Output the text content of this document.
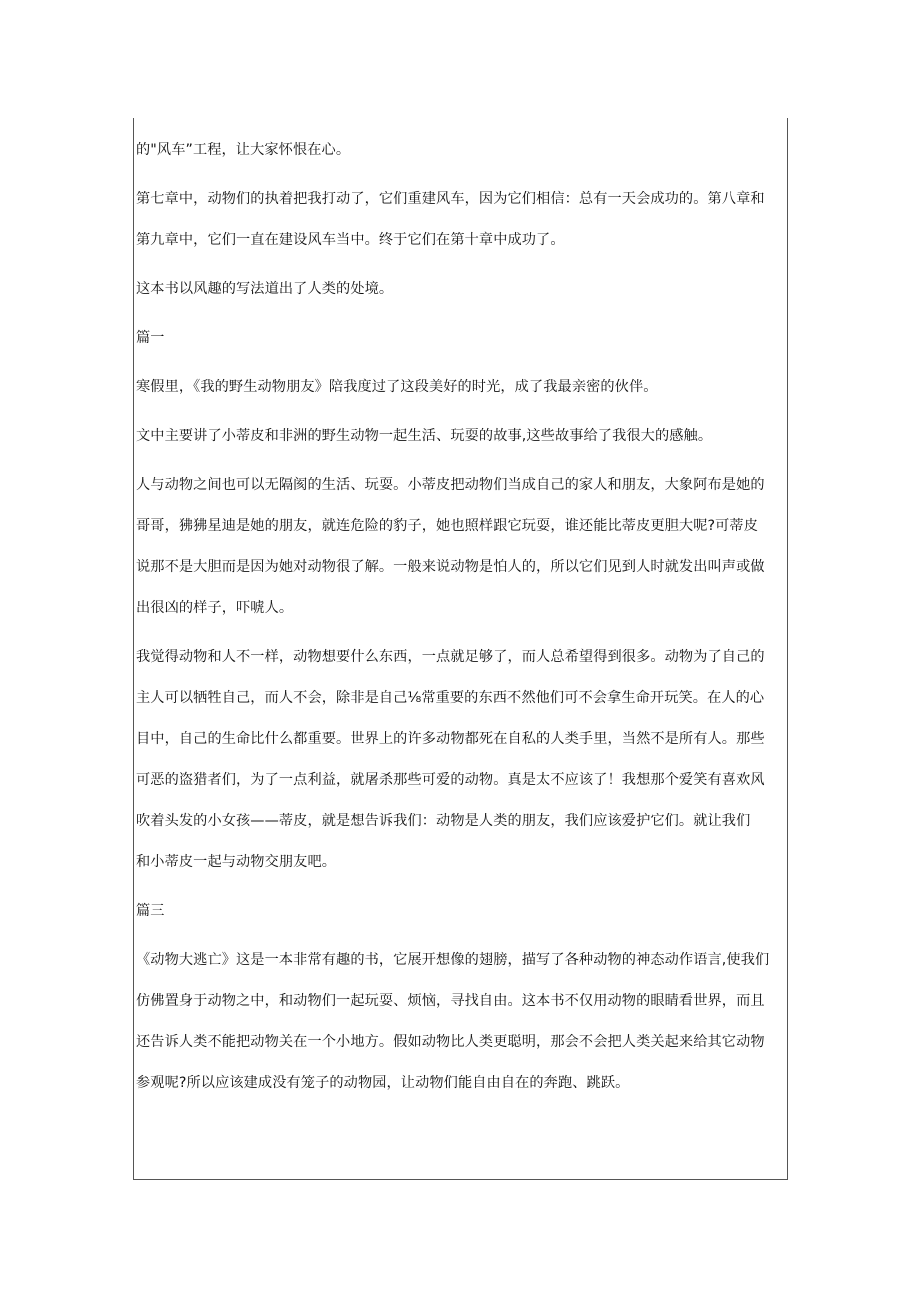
的"风车”工程，让大家怀恨在心。

第七章中，动物们的执着把我打动了，它们重建风车，因为它们相信：总有一天会成功的。第八章和

第九章中，它们一直在建设风车当中。终于它们在第十章中成功了。

这本书以风趣的写法道出了人类的处境。

篇一

寒假里，《我的野生动物朋友》陪我度过了这段美好的时光，成了我最亲密的伙伴。

文中主要讲了小蒂皮和非洲的野生动物一起生活、玩耍的故事,这些故事给了我很大的感触。

人与动物之间也可以无隔阂的生活、玩耍。小蒂皮把动物们当成自己的家人和朋友，大象阿布是她的

哥哥，狒狒星迪是她的朋友，就连危险的豹子，她也照样跟它玩耍，谁还能比蒂皮更胆大呢?可蒂皮

说那不是大胆而是因为她对动物很了解。一般来说动物是怕人的，所以它们见到人时就发出叫声或做

出很凶的样子，吓唬人。

我觉得动物和人不一样，动物想要什么东西，一点就足够了，而人总希望得到很多。动物为了自己的

主人可以牺牲自己，而人不会，除非是自己⅛常重要的东西不然他们可不会拿生命开玩笑。在人的心

目中，自己的生命比什么都重要。世界上的许多动物都死在自私的人类手里，当然不是所有人。那些

可恶的盗猎者们，为了一点利益，就屠杀那些可爱的动物。真是太不应该了！我想那个爱笑有喜欢风

吹着头发的小女孩——蒂皮，就是想告诉我们：动物是人类的朋友，我们应该爱护它们。就让我们

和小蒂皮一起与动物交朋友吧。

篇三

《动物大逃亡》这是一本非常有趣的书，它展开想像的翅膀，描写了各种动物的神态动作语言,使我们

仿佛置身于动物之中，和动物们一起玩耍、烦恼，寻找自由。这本书不仅用动物的眼睛看世界，而且

还告诉人类不能把动物关在一个小地方。假如动物比人类更聪明，那会不会把人类关起来给其它动物

参观呢?所以应该建成没有笼子的动物园，让动物们能自由自在的奔跑、跳跃。
